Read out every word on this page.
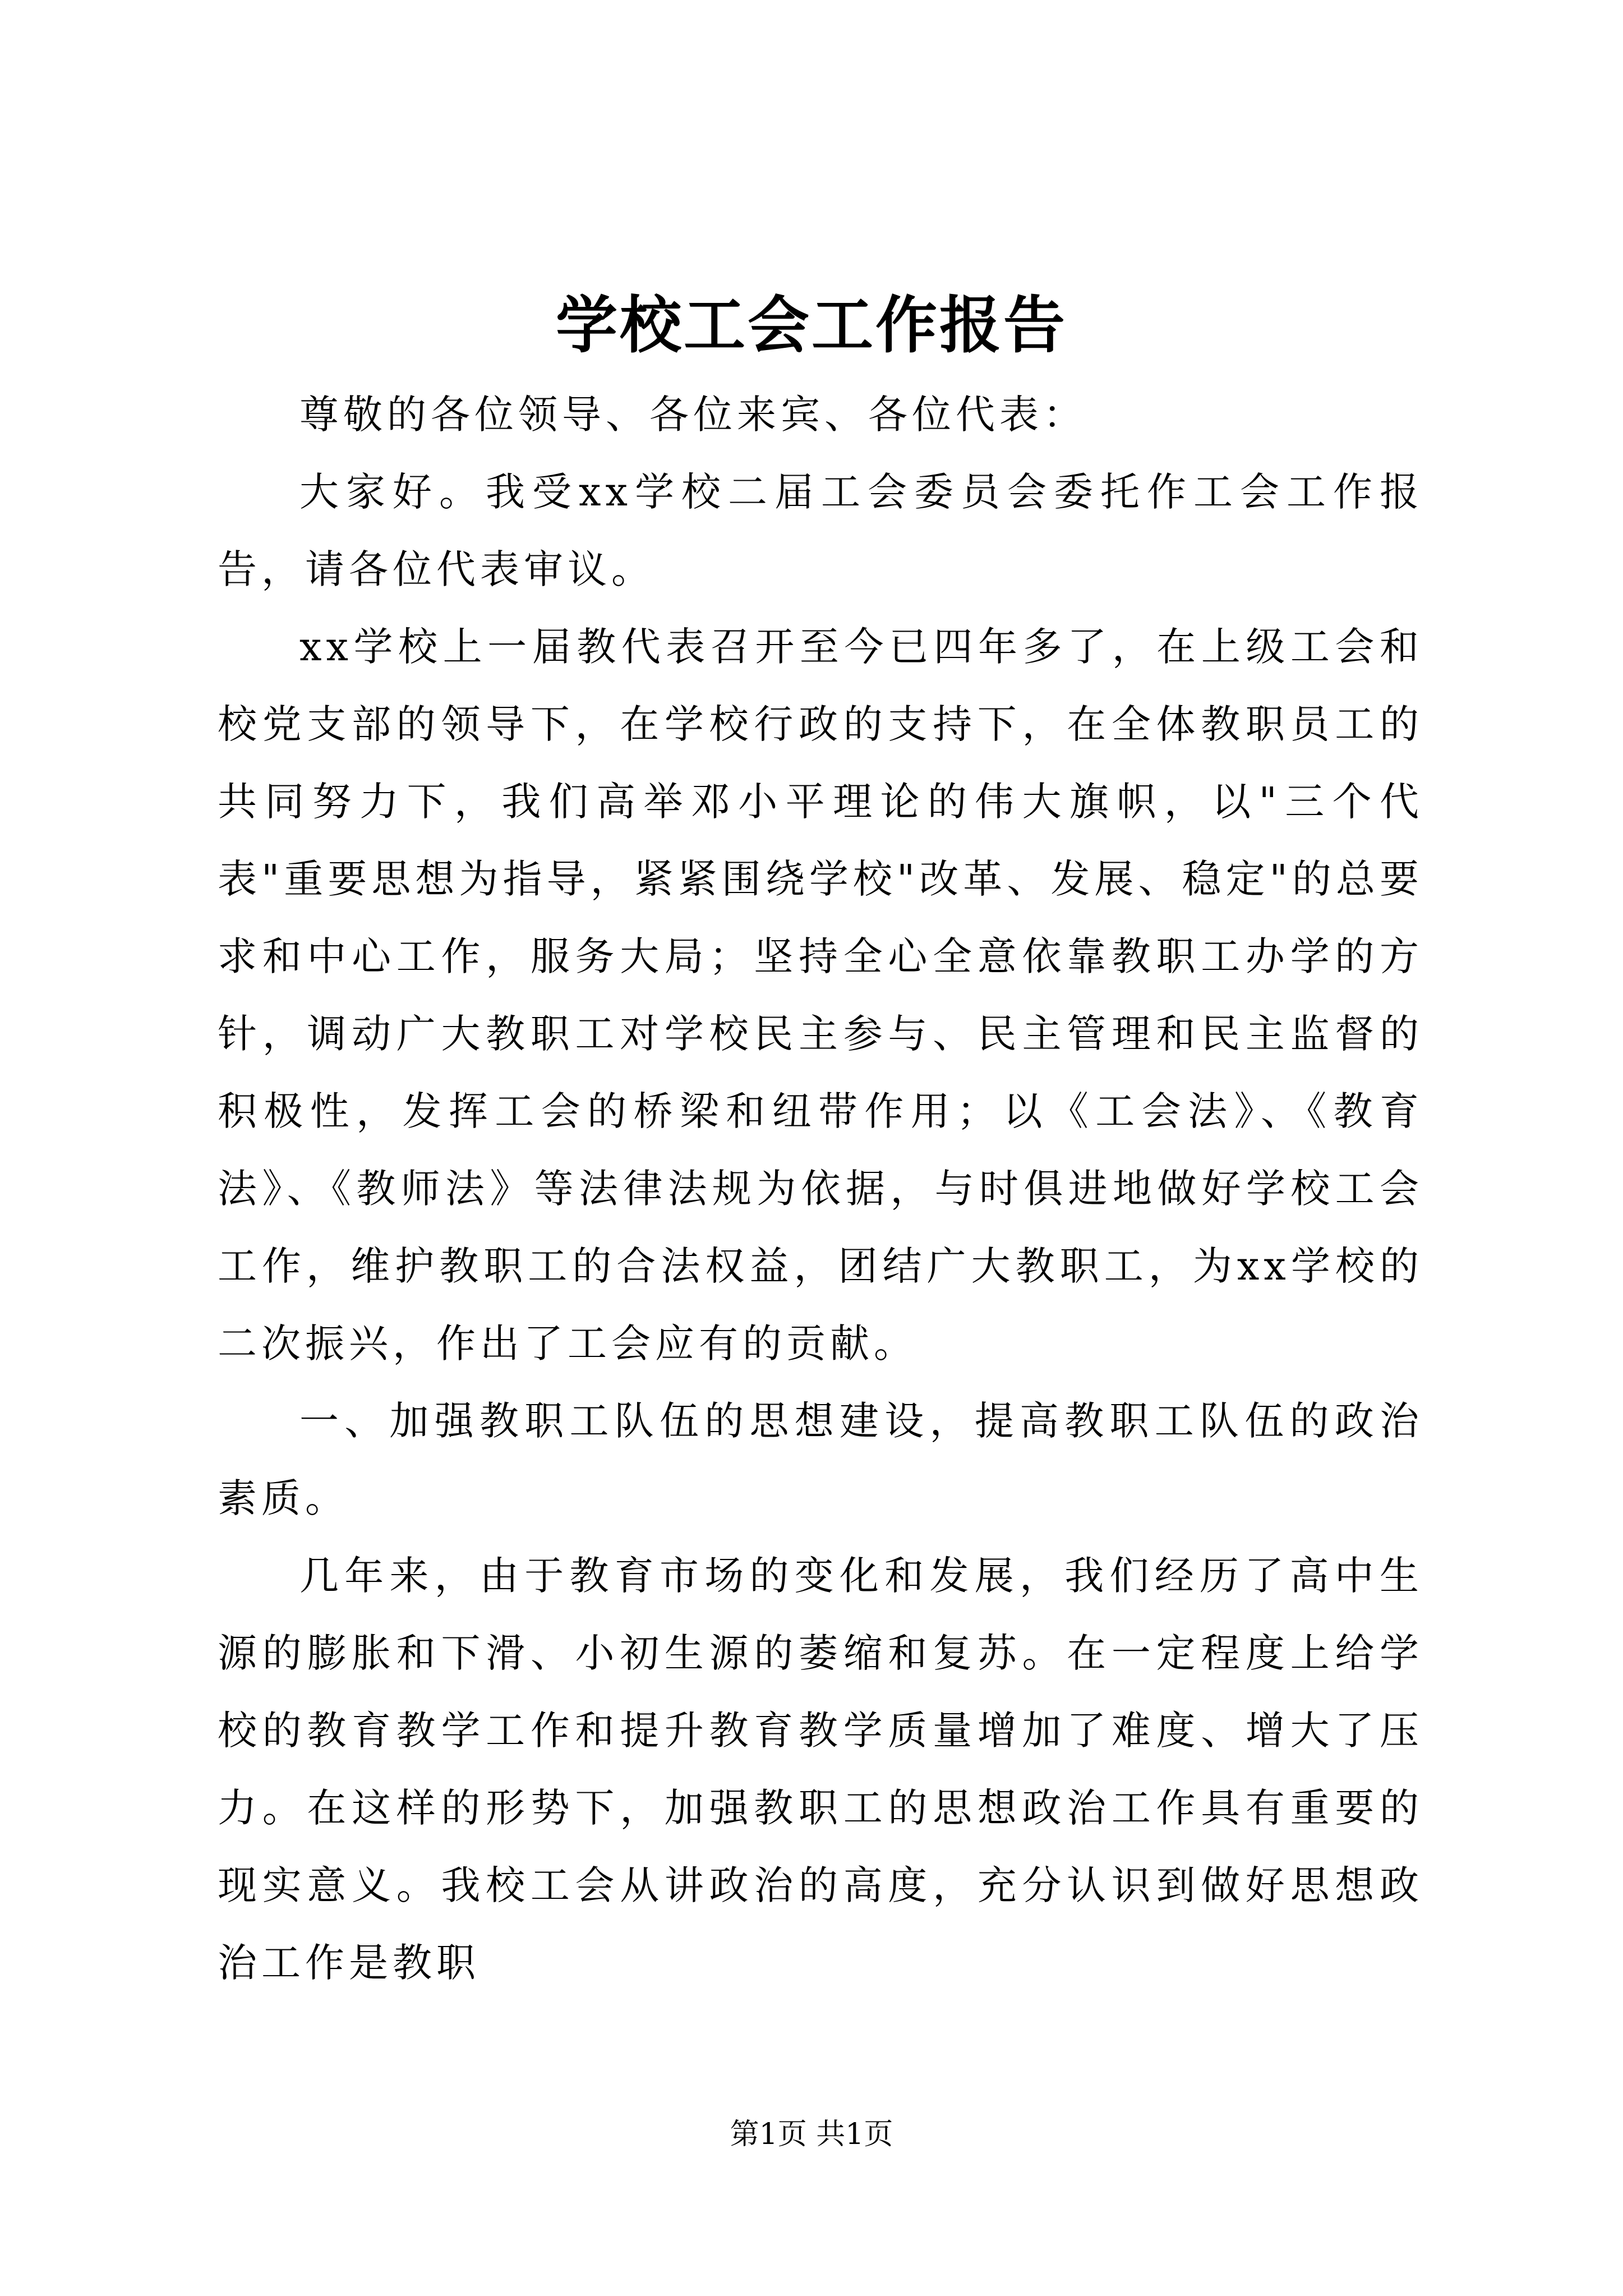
学校工会工作报告

尊敬的各位领导、各位来宾、各位代表：

大家好。我受xx学校二届工会委员会委托作工会工作报告，请各位代表审议。

xx学校上一届教代表召开至今已四年多了，在上级工会和校党支部的领导下，在学校行政的支持下，在全体教职员工的共同努力下，我们高举邓小平理论的伟大旗帜，以"三个代表"重要思想为指导，紧紧围绕学校"改革、发展、稳定"的总要求和中心工作，服务大局；坚持全心全意依靠教职工办学的方针，调动广大教职工对学校民主参与、民主管理和民主监督的积极性，发挥工会的桥梁和纽带作用；以《工会法》、《教育法》、《教师法》等法律法规为依据，与时俱进地做好学校工会工作，维护教职工的合法权益，团结广大教职工，为xx学校的二次振兴，作出了工会应有的贡献。

一、加强教职工队伍的思想建设，提高教职工队伍的政治素质。

几年来，由于教育市场的变化和发展，我们经历了高中生源的膨胀和下滑、小初生源的萎缩和复苏。在一定程度上给学校的教育教学工作和提升教育教学质量增加了难度、增大了压力。在这样的形势下，加强教职工的思想政治工作具有重要的现实意义。我校工会从讲政治的高度，充分认识到做好思想政治工作是教职

第1页 共1页
